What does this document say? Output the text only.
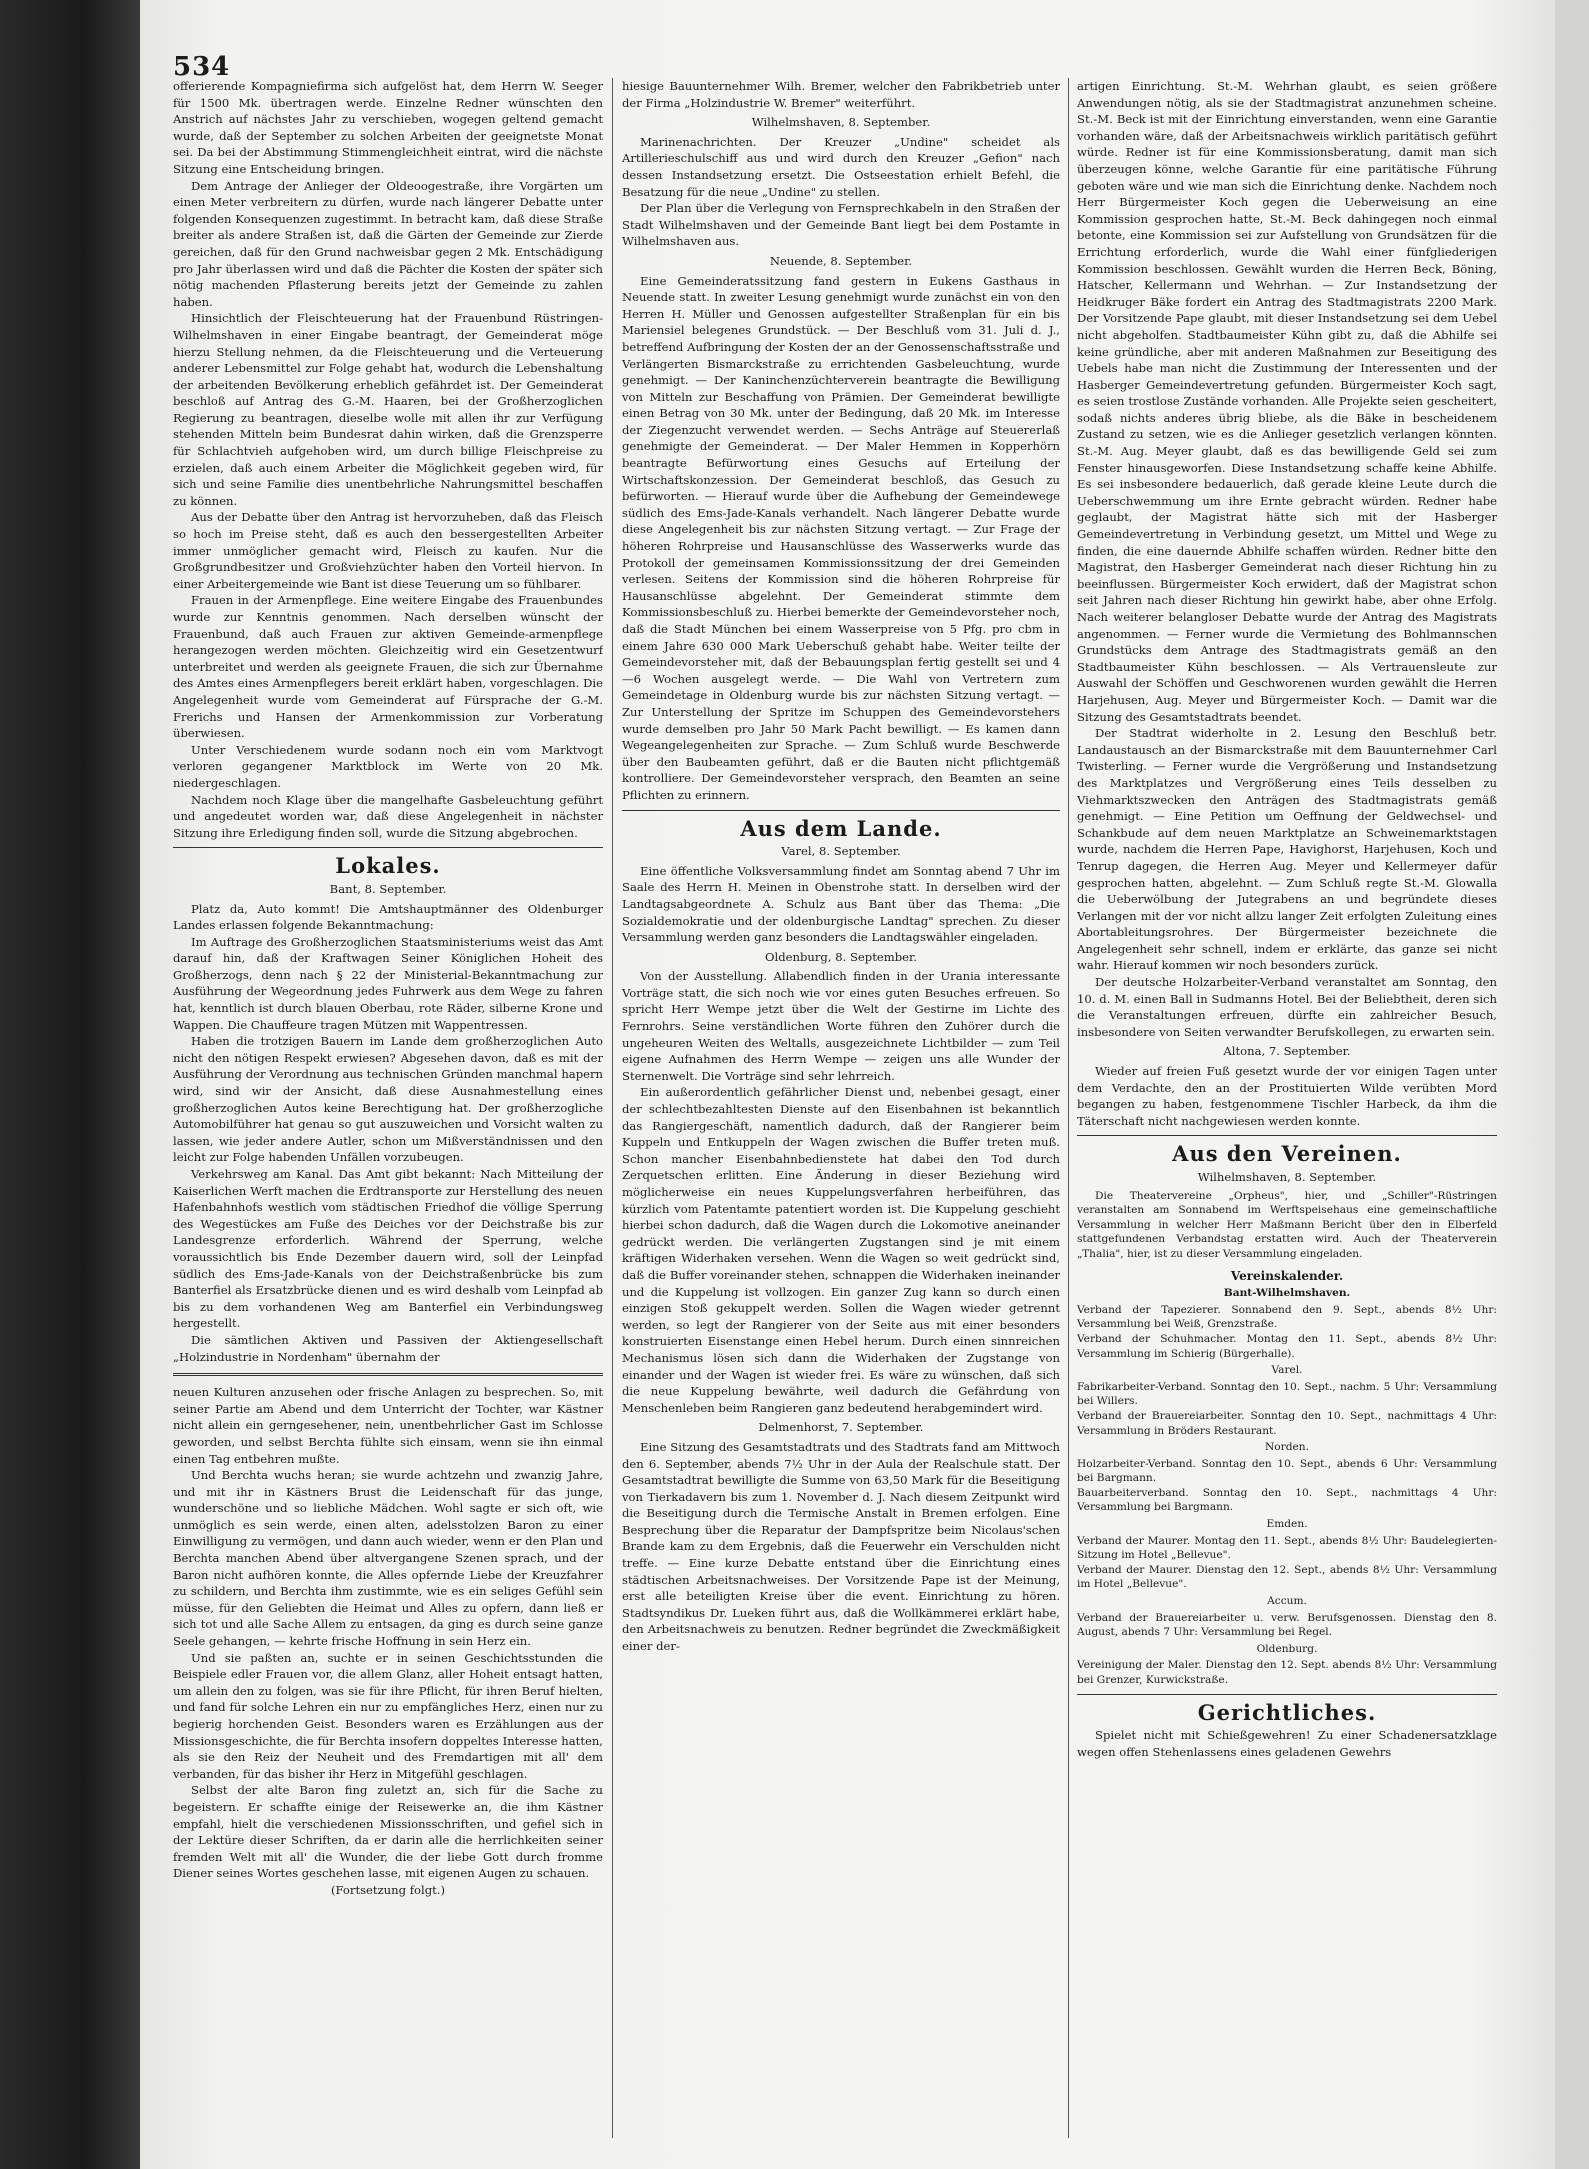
534

offerierende Kompagniefirma sich aufgelöst hat, dem Herrn W. Seeger für 1500 Mk. übertragen werde. Einzelne Redner wünschten den Anstrich auf nächstes Jahr zu verschieben, wogegen geltend gemacht wurde, daß der September zu solchen Arbeiten der geeignetste Monat sei. Da bei der Abstimmung Stimmengleichheit eintrat, wird die nächste Sitzung eine Entscheidung bringen.

Dem Antrage der Anlieger der Oldeoogestraße, ihre Vorgärten um einen Meter verbreitern zu dürfen, wurde nach längerer Debatte unter folgenden Konsequenzen zugestimmt. In betracht kam, daß diese Straße breiter als andere Straßen ist, daß die Gärten der Gemeinde zur Zierde gereichen, daß für den Grund nachweisbar gegen 2 Mk. Entschädigung pro Jahr überlassen wird und daß die Pächter die Kosten der später sich nötig machenden Pflasterung bereits jetzt der Gemeinde zu zahlen haben.

Hinsichtlich der Fleischteuerung hat der Frauenbund Rüstringen-Wilhelmshaven in einer Eingabe beantragt, der Gemeinderat möge hierzu Stellung nehmen, da die Fleischteuerung und die Verteuerung anderer Lebensmittel zur Folge gehabt hat, wodurch die Lebenshaltung der arbeitenden Bevölkerung erheblich gefährdet ist. Der Gemeinderat beschloß auf Antrag des G.-M. Haaren, bei der Großherzoglichen Regierung zu beantragen, dieselbe wolle mit allen ihr zur Verfügung stehenden Mitteln beim Bundesrat dahin wirken, daß die Grenzsperre für Schlachtvieh aufgehoben wird, um durch billige Fleischpreise zu erzielen, daß auch einem Arbeiter die Möglichkeit gegeben wird, für sich und seine Familie dies unentbehrliche Nahrungsmittel beschaffen zu können.

Aus der Debatte über den Antrag ist hervorzuheben, daß das Fleisch so hoch im Preise steht, daß es auch den bessergestellten Arbeiter immer unmöglicher gemacht wird, Fleisch zu kaufen. Nur die Großgrundbesitzer und Großviehzüchter haben den Vorteil hiervon. In einer Arbeitergemeinde wie Bant ist diese Teuerung um so fühlbarer.

Frauen in der Armenpflege. Eine weitere Eingabe des Frauenbundes wurde zur Kenntnis genommen. Nach derselben wünscht der Frauenbund, daß auch Frauen zur aktiven Gemeinde-armenpflege herangezogen werden möchten. Gleichzeitig wird ein Gesetzentwurf unterbreitet und werden als geeignete Frauen, die sich zur Übernahme des Amtes eines Armenpflegers bereit erklärt haben, vorgeschlagen. Die Angelegenheit wurde vom Gemeinderat auf Fürsprache der G.-M. Frerichs und Hansen der Armenkommission zur Vorberatung überwiesen.

Unter Verschiedenem wurde sodann noch ein vom Marktvogt verloren gegangener Marktblock im Werte von 20 Mk. niedergeschlagen.

Nachdem noch Klage über die mangelhafte Gasbeleuchtung geführt und angedeutet worden war, daß diese Angelegenheit in nächster Sitzung ihre Erledigung finden soll, wurde die Sitzung abgebrochen.

Lokales.
Bant, 8. September.

Platz da, Auto kommt! Die Amtshauptmänner des Oldenburger Landes erlassen folgende Bekanntmachung:

Im Auftrage des Großherzoglichen Staatsministeriums weist das Amt darauf hin, daß der Kraftwagen Seiner Königlichen Hoheit des Großherzogs, denn nach § 22 der Ministerial-Bekanntmachung zur Ausführung der Wegeordnung jedes Fuhrwerk aus dem Wege zu fahren hat, kenntlich ist durch blauen Oberbau, rote Räder, silberne Krone und Wappen. Die Chauffeure tragen Mützen mit Wappentressen.

Haben die trotzigen Bauern im Lande dem großherzoglichen Auto nicht den nötigen Respekt erwiesen? Abgesehen davon, daß es mit der Ausführung der Verordnung aus technischen Gründen manchmal hapern wird, sind wir der Ansicht, daß diese Ausnahmestellung eines großherzoglichen Autos keine Berechtigung hat. Der großherzogliche Automobilführer hat genau so gut auszuweichen und Vorsicht walten zu lassen, wie jeder andere Autler, schon um Mißverständnissen und den leicht zur Folge habenden Unfällen vorzubeugen.

Verkehrsweg am Kanal. Das Amt gibt bekannt: Nach Mitteilung der Kaiserlichen Werft machen die Erdtransporte zur Herstellung des neuen Hafenbahnhofs westlich vom städtischen Friedhof die völlige Sperrung des Wegestückes am Fuße des Deiches vor der Deichstraße bis zur Landesgrenze erforderlich. Während der Sperrung, welche voraussichtlich bis Ende Dezember dauern wird, soll der Leinpfad südlich des Ems-Jade-Kanals von der Deichstraßenbrücke bis zum Banterfiel als Ersatzbrücke dienen und es wird deshalb vom Leinpfad ab bis zu dem vorhandenen Weg am Banterfiel ein Verbindungsweg hergestellt.

Die sämtlichen Aktiven und Passiven der Aktiengesellschaft „Holzindustrie in Nordenham" übernahm der

neuen Kulturen anzusehen oder frische Anlagen zu besprechen. So, mit seiner Partie am Abend und dem Unterricht der Tochter, war Kästner nicht allein ein gerngesehener, nein, unentbehrlicher Gast im Schlosse geworden, und selbst Berchta fühlte sich einsam, wenn sie ihn einmal einen Tag entbehren mußte.

Und Berchta wuchs heran; sie wurde achtzehn und zwanzig Jahre, und mit ihr in Kästners Brust die Leidenschaft für das junge, wunderschöne und so liebliche Mädchen. Wohl sagte er sich oft, wie unmöglich es sein werde, einen alten, adelsstolzen Baron zu einer Einwilligung zu vermögen, und dann auch wieder, wenn er den Plan und Berchta manchen Abend über altvergangene Szenen sprach, und der Baron nicht aufhören konnte, die Alles opfernde Liebe der Kreuzfahrer zu schildern, und Berchta ihm zustimmte, wie es ein seliges Gefühl sein müsse, für den Geliebten die Heimat und Alles zu opfern, dann ließ er sich tot und alle Sache Allem zu entsagen, da ging es durch seine ganze Seele gehangen, — kehrte frische Hoffnung in sein Herz ein.

Und sie paßten an, suchte er in seinen Geschichtsstunden die Beispiele edler Frauen vor, die allem Glanz, aller Hoheit entsagt hatten, um allein den zu folgen, was sie für ihre Pflicht, für ihren Beruf hielten, und fand für solche Lehren ein nur zu empfängliches Herz, einen nur zu begierig horchenden Geist. Besonders waren es Erzählungen aus der Missionsgeschichte, die für Berchta insofern doppeltes Interesse hatten, als sie den Reiz der Neuheit und des Fremdartigen mit all' dem verbanden, für das bisher ihr Herz in Mitgefühl geschlagen.

Selbst der alte Baron fing zuletzt an, sich für die Sache zu begeistern. Er schaffte einige der Reisewerke an, die ihm Kästner empfahl, hielt die verschiedenen Missionsschriften, und gefiel sich in der Lektüre dieser Schriften, da er darin alle die herrlichkeiten seiner fremden Welt mit all' die Wunder, die der liebe Gott durch fromme Diener seines Wortes geschehen lasse, mit eigenen Augen zu schauen.

(Fortsetzung folgt.)

hiesige Bauunternehmer Wilh. Bremer, welcher den Fabrikbetrieb unter der Firma „Holzindustrie W. Bremer" weiterführt.

Wilhelmshaven, 8. September.

Marinenachrichten. Der Kreuzer „Undine" scheidet als Artillerieschulschiff aus und wird durch den Kreuzer „Gefion" nach dessen Instandsetzung ersetzt. Die Ostseestation erhielt Befehl, die Besatzung für die neue „Undine" zu stellen.

Der Plan über die Verlegung von Fernsprechkabeln in den Straßen der Stadt Wilhelmshaven und der Gemeinde Bant liegt bei dem Postamte in Wilhelmshaven aus.

Neuende, 8. September.

Eine Gemeinderatssitzung fand gestern in Eukens Gasthaus in Neuende statt. In zweiter Lesung genehmigt wurde zunächst ein von den Herren H. Müller und Genossen aufgestellter Straßenplan für ein bis Mariensiel belegenes Grundstück. — Der Beschluß vom 31. Juli d. J., betreffend Aufbringung der Kosten der an der Genossenschaftsstraße und Verlängerten Bismarckstraße zu errichtenden Gasbeleuchtung, wurde genehmigt. — Der Kaninchenzüchterverein beantragte die Bewilligung von Mitteln zur Beschaffung von Prämien. Der Gemeinderat bewilligte einen Betrag von 30 Mk. unter der Bedingung, daß 20 Mk. im Interesse der Ziegenzucht verwendet werden. — Sechs Anträge auf Steuererlaß genehmigte der Gemeinderat. — Der Maler Hemmen in Kopperhörn beantragte Befürwortung eines Gesuchs auf Erteilung der Wirtschaftskonzession. Der Gemeinderat beschloß, das Gesuch zu befürworten. — Hierauf wurde über die Aufhebung der Gemeindewege südlich des Ems-Jade-Kanals verhandelt. Nach längerer Debatte wurde diese Angelegenheit bis zur nächsten Sitzung vertagt. — Zur Frage der höheren Rohrpreise und Hausanschlüsse des Wasserwerks wurde das Protokoll der gemeinsamen Kommissionssitzung der drei Gemeinden verlesen. Seitens der Kommission sind die höheren Rohrpreise für Hausanschlüsse abgelehnt. Der Gemeinderat stimmte dem Kommissionsbeschluß zu. Hierbei bemerkte der Gemeindevorsteher noch, daß die Stadt München bei einem Wasserpreise von 5 Pfg. pro cbm in einem Jahre 630 000 Mark Ueberschuß gehabt habe. Weiter teilte der Gemeindevorsteher mit, daß der Bebauungsplan fertig gestellt sei und 4—6 Wochen ausgelegt werde. — Die Wahl von Vertretern zum Gemeindetage in Oldenburg wurde bis zur nächsten Sitzung vertagt. — Zur Unterstellung der Spritze im Schuppen des Gemeindevorstehers wurde demselben pro Jahr 50 Mark Pacht bewilligt. — Es kamen dann Wegeangelegenheiten zur Sprache. — Zum Schluß wurde Beschwerde über den Baubeamten geführt, daß er die Bauten nicht pflichtgemäß kontrolliere. Der Gemeindevorsteher versprach, den Beamten an seine Pflichten zu erinnern.

Aus dem Lande.
Varel, 8. September.

Eine öffentliche Volksversammlung findet am Sonntag abend 7 Uhr im Saale des Herrn H. Meinen in Obenstrohe statt. In derselben wird der Landtagsabgeordnete A. Schulz aus Bant über das Thema: „Die Sozialdemokratie und der oldenburgische Landtag" sprechen. Zu dieser Versammlung werden ganz besonders die Landtagswähler eingeladen.

Oldenburg, 8. September.

Von der Ausstellung. Allabendlich finden in der Urania interessante Vorträge statt, die sich noch wie vor eines guten Besuches erfreuen. So spricht Herr Wempe jetzt über die Welt der Gestirne im Lichte des Fernrohrs. Seine verständlichen Worte führen den Zuhörer durch die ungeheuren Weiten des Weltalls, ausgezeichnete Lichtbilder — zum Teil eigene Aufnahmen des Herrn Wempe — zeigen uns alle Wunder der Sternenwelt. Die Vorträge sind sehr lehrreich.

Ein außerordentlich gefährlicher Dienst und, nebenbei gesagt, einer der schlechtbezahltesten Dienste auf den Eisenbahnen ist bekanntlich das Rangiergeschäft, namentlich dadurch, daß der Rangierer beim Kuppeln und Entkuppeln der Wagen zwischen die Buffer treten muß. Schon mancher Eisenbahnbedienstete hat dabei den Tod durch Zerquetschen erlitten. Eine Änderung in dieser Beziehung wird möglicherweise ein neues Kuppelungsverfahren herbeiführen, das kürzlich vom Patentamte patentiert worden ist. Die Kuppelung geschieht hierbei schon dadurch, daß die Wagen durch die Lokomotive aneinander gedrückt werden. Die verlängerten Zugstangen sind je mit einem kräftigen Widerhaken versehen. Wenn die Wagen so weit gedrückt sind, daß die Buffer voreinander stehen, schnappen die Widerhaken ineinander und die Kuppelung ist vollzogen. Ein ganzer Zug kann so durch einen einzigen Stoß gekuppelt werden. Sollen die Wagen wieder getrennt werden, so legt der Rangierer von der Seite aus mit einer besonders konstruierten Eisenstange einen Hebel herum. Durch einen sinnreichen Mechanismus lösen sich dann die Widerhaken der Zugstange von einander und der Wagen ist wieder frei. Es wäre zu wünschen, daß sich die neue Kuppelung bewährte, weil dadurch die Gefährdung von Menschenleben beim Rangieren ganz bedeutend herabgemindert wird.

Delmenhorst, 7. September.

Eine Sitzung des Gesamtstadtrats und des Stadtrats fand am Mittwoch den 6. September, abends 7½ Uhr in der Aula der Realschule statt. Der Gesamtstadtrat bewilligte die Summe von 63,50 Mark für die Beseitigung von Tierkadavern bis zum 1. November d. J. Nach diesem Zeitpunkt wird die Beseitigung durch die Termische Anstalt in Bremen erfolgen. Eine Besprechung über die Reparatur der Dampfspritze beim Nicolaus'schen Brande kam zu dem Ergebnis, daß die Feuerwehr ein Verschulden nicht treffe. — Eine kurze Debatte entstand über die Einrichtung eines städtischen Arbeitsnachweises. Der Vorsitzende Pape ist der Meinung, erst alle beteiligten Kreise über die event. Einrichtung zu hören. Stadtsyndikus Dr. Lueken führt aus, daß die Wollkämmerei erklärt habe, den Arbeitsnachweis zu benutzen. Redner begründet die Zweckmäßigkeit einer der-

artigen Einrichtung. St.-M. Wehrhan glaubt, es seien größere Anwendungen nötig, als sie der Stadtmagistrat anzunehmen scheine. St.-M. Beck ist mit der Einrichtung einverstanden, wenn eine Garantie vorhanden wäre, daß der Arbeitsnachweis wirklich paritätisch geführt würde. Redner ist für eine Kommissionsberatung, damit man sich überzeugen könne, welche Garantie für eine paritätische Führung geboten wäre und wie man sich die Einrichtung denke. Nachdem noch Herr Bürgermeister Koch gegen die Ueberweisung an eine Kommission gesprochen hatte, St.-M. Beck dahingegen noch einmal betonte, eine Kommission sei zur Aufstellung von Grundsätzen für die Errichtung erforderlich, wurde die Wahl einer fünfgliederigen Kommission beschlossen. Gewählt wurden die Herren Beck, Böning, Hatscher, Kellermann und Wehrhan. — Zur Instandsetzung der Heidkruger Bäke fordert ein Antrag des Stadtmagistrats 2200 Mark. Der Vorsitzende Pape glaubt, mit dieser Instandsetzung sei dem Uebel nicht abgeholfen. Stadtbaumeister Kühn gibt zu, daß die Abhilfe sei keine gründliche, aber mit anderen Maßnahmen zur Beseitigung des Uebels habe man nicht die Zustimmung der Interessenten und der Hasberger Gemeindevertretung gefunden. Bürgermeister Koch sagt, es seien trostlose Zustände vorhanden. Alle Projekte seien gescheitert, sodaß nichts anderes übrig bliebe, als die Bäke in bescheidenem Zustand zu setzen, wie es die Anlieger gesetzlich verlangen könnten. St.-M. Aug. Meyer glaubt, daß es das bewilligende Geld sei zum Fenster hinausgeworfen. Diese Instandsetzung schaffe keine Abhilfe. Es sei insbesondere bedauerlich, daß gerade kleine Leute durch die Ueberschwemmung um ihre Ernte gebracht würden. Redner habe geglaubt, der Magistrat hätte sich mit der Hasberger Gemeindevertretung in Verbindung gesetzt, um Mittel und Wege zu finden, die eine dauernde Abhilfe schaffen würden. Redner bitte den Magistrat, den Hasberger Gemeinderat nach dieser Richtung hin zu beeinflussen. Bürgermeister Koch erwidert, daß der Magistrat schon seit Jahren nach dieser Richtung hin gewirkt habe, aber ohne Erfolg. Nach weiterer belangloser Debatte wurde der Antrag des Magistrats angenommen. — Ferner wurde die Vermietung des Bohlmannschen Grundstücks dem Antrage des Stadtmagistrats gemäß an den Stadtbaumeister Kühn beschlossen. — Als Vertrauensleute zur Auswahl der Schöffen und Geschworenen wurden gewählt die Herren Harjehusen, Aug. Meyer und Bürgermeister Koch. — Damit war die Sitzung des Gesamtstadtrats beendet.

Der Stadtrat widerholte in 2. Lesung den Beschluß betr. Landaustausch an der Bismarckstraße mit dem Bauunternehmer Carl Twisterling. — Ferner wurde die Vergrößerung und Instandsetzung des Marktplatzes und Vergrößerung eines Teils desselben zu Viehmarktszwecken den Anträgen des Stadtmagistrats gemäß genehmigt. — Eine Petition um Oeffnung der Geldwechsel- und Schankbude auf dem neuen Marktplatze an Schweinemarktstagen wurde, nachdem die Herren Pape, Havighorst, Harjehusen, Koch und Tenrup dagegen, die Herren Aug. Meyer und Kellermeyer dafür gesprochen hatten, abgelehnt. — Zum Schluß regte St.-M. Glowalla die Ueberwölbung der Jutegrabens an und begründete dieses Verlangen mit der vor nicht allzu langer Zeit erfolgten Zuleitung eines Abortableitungsrohres. Der Bürgermeister bezeichnete die Angelegenheit sehr schnell, indem er erklärte, das ganze sei nicht wahr. Hierauf kommen wir noch besonders zurück.

Der deutsche Holzarbeiter-Verband veranstaltet am Sonntag, den 10. d. M. einen Ball in Sudmanns Hotel. Bei der Beliebtheit, deren sich die Veranstaltungen erfreuen, dürfte ein zahlreicher Besuch, insbesondere von Seiten verwandter Berufskollegen, zu erwarten sein.

Altona, 7. September.

Wieder auf freien Fuß gesetzt wurde der vor einigen Tagen unter dem Verdachte, den an der Prostituierten Wilde verübten Mord begangen zu haben, festgenommene Tischler Harbeck, da ihm die Täterschaft nicht nachgewiesen werden konnte.

Aus den Vereinen.
Wilhelmshaven, 8. September.

Die Theatervereine „Orpheus", hier, und „Schiller"-Rüstringen veranstalten am Sonnabend im Werftspeisehaus eine gemeinschaftliche Versammlung in welcher Herr Maßmann Bericht über den in Elberfeld stattgefundenen Verbandstag erstatten wird. Auch der Theaterverein „Thalia", hier, ist zu dieser Versammlung eingeladen.

Vereinskalender.
Bant-Wilhelmshaven.

Verband der Tapezierer. Sonnabend den 9. Sept., abends 8½ Uhr: Versammlung bei Weiß, Grenzstraße.

Verband der Schuhmacher. Montag den 11. Sept., abends 8½ Uhr: Versammlung im Schierig (Bürgerhalle).

Varel.

Fabrikarbeiter-Verband. Sonntag den 10. Sept., nachm. 5 Uhr: Versammlung bei Willers.

Verband der Brauereiarbeiter. Sonntag den 10. Sept., nachmittags 4 Uhr: Versammlung in Bröders Restaurant.

Norden.

Holzarbeiter-Verband. Sonntag den 10. Sept., abends 6 Uhr: Versammlung bei Bargmann.

Bauarbeiterverband. Sonntag den 10. Sept., nachmittags 4 Uhr: Versammlung bei Bargmann.

Emden.

Verband der Maurer. Montag den 11. Sept., abends 8½ Uhr: Baudelegierten-Sitzung im Hotel „Bellevue".

Verband der Maurer. Dienstag den 12. Sept., abends 8½ Uhr: Versammlung im Hotel „Bellevue".

Accum.

Verband der Brauereiarbeiter u. verw. Berufsgenossen. Dienstag den 8. August, abends 7 Uhr: Versammlung bei Regel.

Oldenburg.

Vereinigung der Maler. Dienstag den 12. Sept. abends 8½ Uhr: Versammlung bei Grenzer, Kurwickstraße.

Gerichtliches.

Spielet nicht mit Schießgewehren! Zu einer Schadenersatzklage wegen offen Stehenlassens eines geladenen Gewehrs
